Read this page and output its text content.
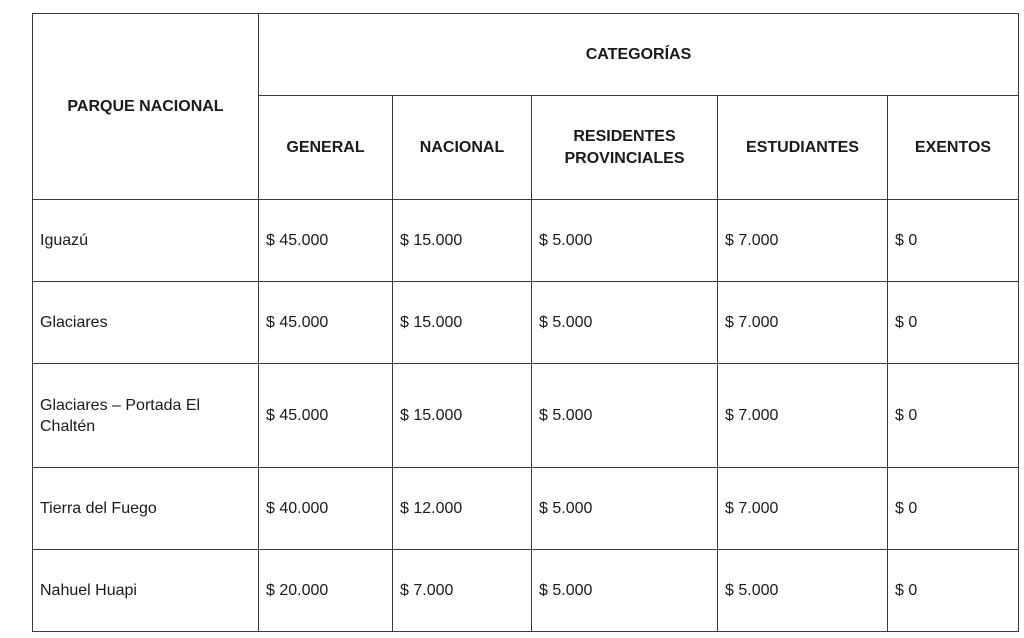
PARQUE NACIONAL	CATEGORÍAS				
	GENERAL	NACIONAL	RESIDENTES PROVINCIALES	ESTUDIANTES	EXENTOS
Iguazú	$ 45.000	$ 15.000	$ 5.000	$ 7.000	$ 0
Glaciares	$ 45.000	$ 15.000	$ 5.000	$ 7.000	$ 0
Glaciares – Portada El Chaltén	$ 45.000	$ 15.000	$ 5.000	$ 7.000	$ 0
Tierra del Fuego	$ 40.000	$ 12.000	$ 5.000	$ 7.000	$ 0
Nahuel Huapi	$ 20.000	$ 7.000	$ 5.000	$ 5.000	$ 0
